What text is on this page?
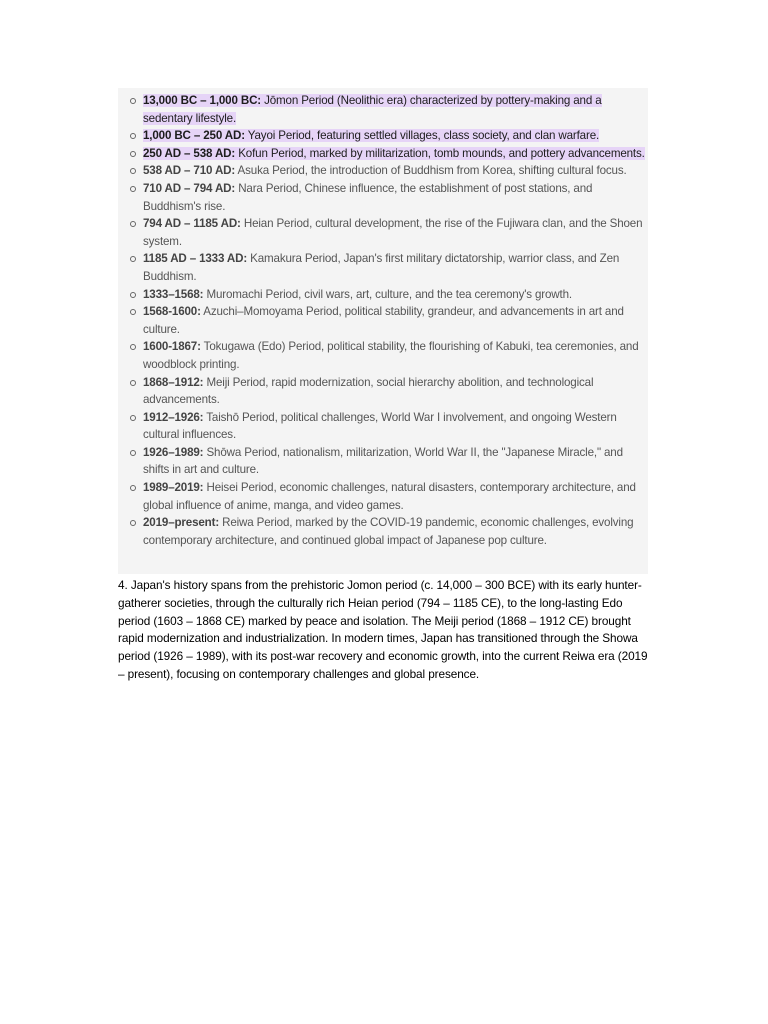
13,000 BC – 1,000 BC: Jōmon Period (Neolithic era) characterized by pottery-making and a sedentary lifestyle.
1,000 BC – 250 AD: Yayoi Period, featuring settled villages, class society, and clan warfare.
250 AD – 538 AD: Kofun Period, marked by militarization, tomb mounds, and pottery advancements.
538 AD – 710 AD: Asuka Period, the introduction of Buddhism from Korea, shifting cultural focus.
710 AD – 794 AD: Nara Period, Chinese influence, the establishment of post stations, and Buddhism's rise.
794 AD – 1185 AD: Heian Period, cultural development, the rise of the Fujiwara clan, and the Shoen system.
1185 AD – 1333 AD: Kamakura Period, Japan's first military dictatorship, warrior class, and Zen Buddhism.
1333–1568: Muromachi Period, civil wars, art, culture, and the tea ceremony's growth.
1568-1600: Azuchi–Momoyama Period, political stability, grandeur, and advancements in art and culture.
1600-1867: Tokugawa (Edo) Period, political stability, the flourishing of Kabuki, tea ceremonies, and woodblock printing.
1868–1912: Meiji Period, rapid modernization, social hierarchy abolition, and technological advancements.
1912–1926: Taishō Period, political challenges, World War I involvement, and ongoing Western cultural influences.
1926–1989: Shōwa Period, nationalism, militarization, World War II, the "Japanese Miracle," and shifts in art and culture.
1989–2019: Heisei Period, economic challenges, natural disasters, contemporary architecture, and global influence of anime, manga, and video games.
2019–present: Reiwa Period, marked by the COVID-19 pandemic, economic challenges, evolving contemporary architecture, and continued global impact of Japanese pop culture.

4. Japan's history spans from the prehistoric Jomon period (c. 14,000 – 300 BCE) with its early hunter-gatherer societies, through the culturally rich Heian period (794 – 1185 CE), to the long-lasting Edo period (1603 – 1868 CE) marked by peace and isolation. The Meiji period (1868 – 1912 CE) brought rapid modernization and industrialization. In modern times, Japan has transitioned through the Showa period (1926 – 1989), with its post-war recovery and economic growth, into the current Reiwa era (2019 – present), focusing on contemporary challenges and global presence.
